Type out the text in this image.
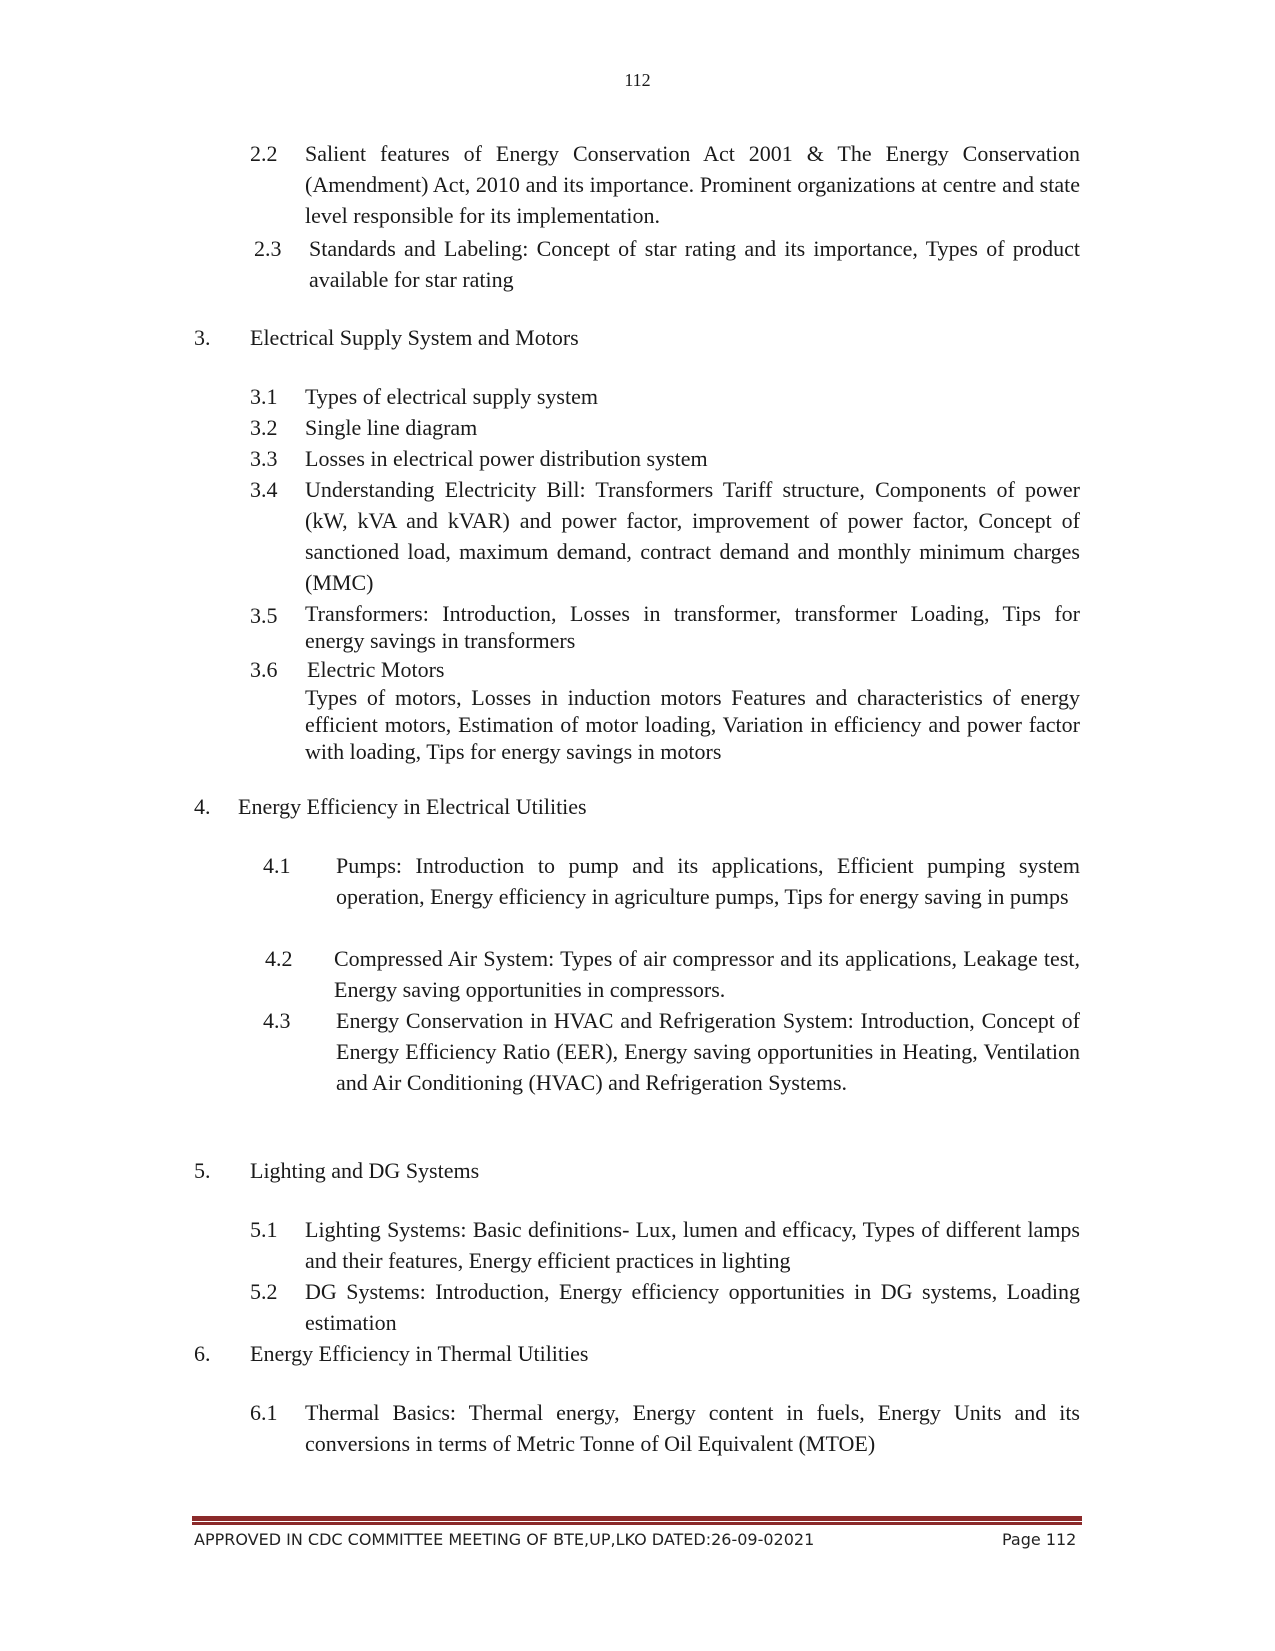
112
2.2 Salient features of Energy Conservation Act 2001 & The Energy Conservation (Amendment) Act, 2010 and its importance. Prominent organizations at centre and state level responsible for its implementation.
2.3 Standards and Labeling: Concept of star rating and its importance, Types of product available for star rating
3. Electrical Supply System and Motors
3.1 Types of electrical supply system
3.2 Single line diagram
3.3 Losses in electrical power distribution system
3.4 Understanding Electricity Bill: Transformers Tariff structure, Components of power (kW, kVA and kVAR) and power factor, improvement of power factor, Concept of sanctioned load, maximum demand, contract demand and monthly minimum charges (MMC)
3.5 Transformers: Introduction, Losses in transformer, transformer Loading, Tips for energy savings in transformers
3.6 Electric Motors
Types of motors, Losses in induction motors Features and characteristics of energy efficient motors, Estimation of motor loading, Variation in efficiency and power factor with loading, Tips for energy savings in motors
4. Energy Efficiency in Electrical Utilities
4.1 Pumps: Introduction to pump and its applications, Efficient pumping system operation, Energy efficiency in agriculture pumps, Tips for energy saving in pumps
4.2 Compressed Air System: Types of air compressor and its applications, Leakage test, Energy saving opportunities in compressors.
4.3 Energy Conservation in HVAC and Refrigeration System: Introduction, Concept of Energy Efficiency Ratio (EER), Energy saving opportunities in Heating, Ventilation and Air Conditioning (HVAC) and Refrigeration Systems.
5. Lighting and DG Systems
5.1 Lighting Systems: Basic definitions- Lux, lumen and efficacy, Types of different lamps and their features, Energy efficient practices in lighting
5.2 DG Systems: Introduction, Energy efficiency opportunities in DG systems, Loading estimation
6. Energy Efficiency in Thermal Utilities
6.1 Thermal Basics: Thermal energy, Energy content in fuels, Energy Units and its conversions in terms of Metric Tonne of Oil Equivalent (MTOE)
APPROVED IN CDC COMMITTEE MEETING OF BTE,UP,LKO DATED:26-09-02021	Page 112
